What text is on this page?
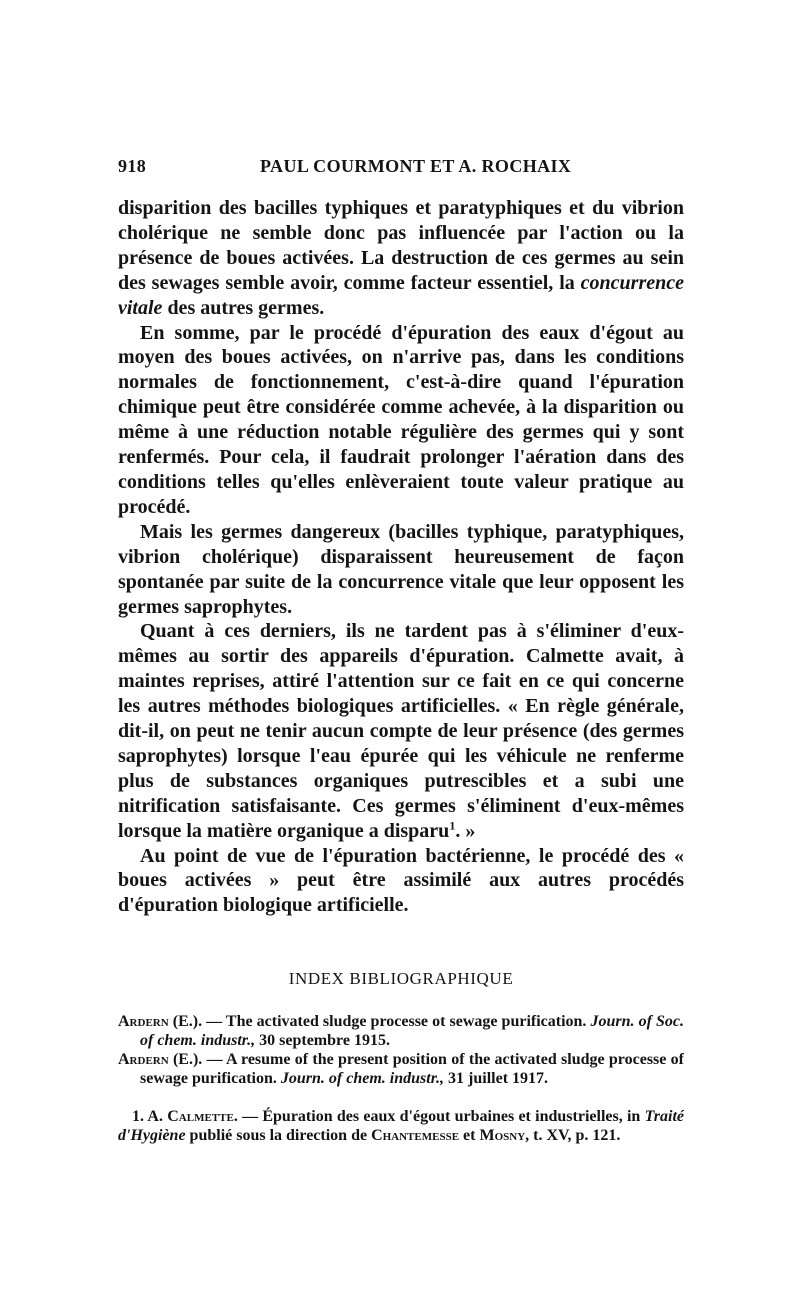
918	PAUL COURMONT ET A. ROCHAIX

disparition des bacilles typhiques et paratyphiques et du vibrion cholérique ne semble donc pas influencée par l'action ou la présence de boues activées. La destruction de ces germes au sein des sewages semble avoir, comme facteur essentiel, la concurrence vitale des autres germes.

En somme, par le procédé d'épuration des eaux d'égout au moyen des boues activées, on n'arrive pas, dans les conditions normales de fonctionnement, c'est-à-dire quand l'épuration chimique peut être considérée comme achevée, à la disparition ou même à une réduction notable régulière des germes qui y sont renfermés. Pour cela, il faudrait prolonger l'aération dans des conditions telles qu'elles enlèveraient toute valeur pratique au procédé.

Mais les germes dangereux (bacilles typhique, paratyphiques, vibrion cholérique) disparaissent heureusement de façon spontanée par suite de la concurrence vitale que leur opposent les germes saprophytes.

Quant à ces derniers, ils ne tardent pas à s'éliminer d'eux-mêmes au sortir des appareils d'épuration. Calmette avait, à maintes reprises, attiré l'attention sur ce fait en ce qui concerne les autres méthodes biologiques artificielles. « En règle générale, dit-il, on peut ne tenir aucun compte de leur présence (des germes saprophytes) lorsque l'eau épurée qui les véhicule ne renferme plus de substances organiques putrescibles et a subi une nitrification satisfaisante. Ces germes s'éliminent d'eux-mêmes lorsque la matière organique a disparu$^1$. »

Au point de vue de l'épuration bactérienne, le procédé des « boues activées » peut être assimilé aux autres procédés d'épuration biologique artificielle.

INDEX BIBLIOGRAPHIQUE

Ardern (E.). — The activated sludge processe ot sewage purification. Journ. of Soc. of chem. industr., 30 septembre 1915.

Ardern (E.). — A resume of the present position of the activated sludge processe of sewage purification. Journ. of chem. industr., 31 juillet 1917.

1. A. Calmette. — Épuration des eaux d'égout urbaines et industrielles, in Traité d'Hygiène publié sous la direction de Chantemesse et Mosny, t. XV, p. 121.
